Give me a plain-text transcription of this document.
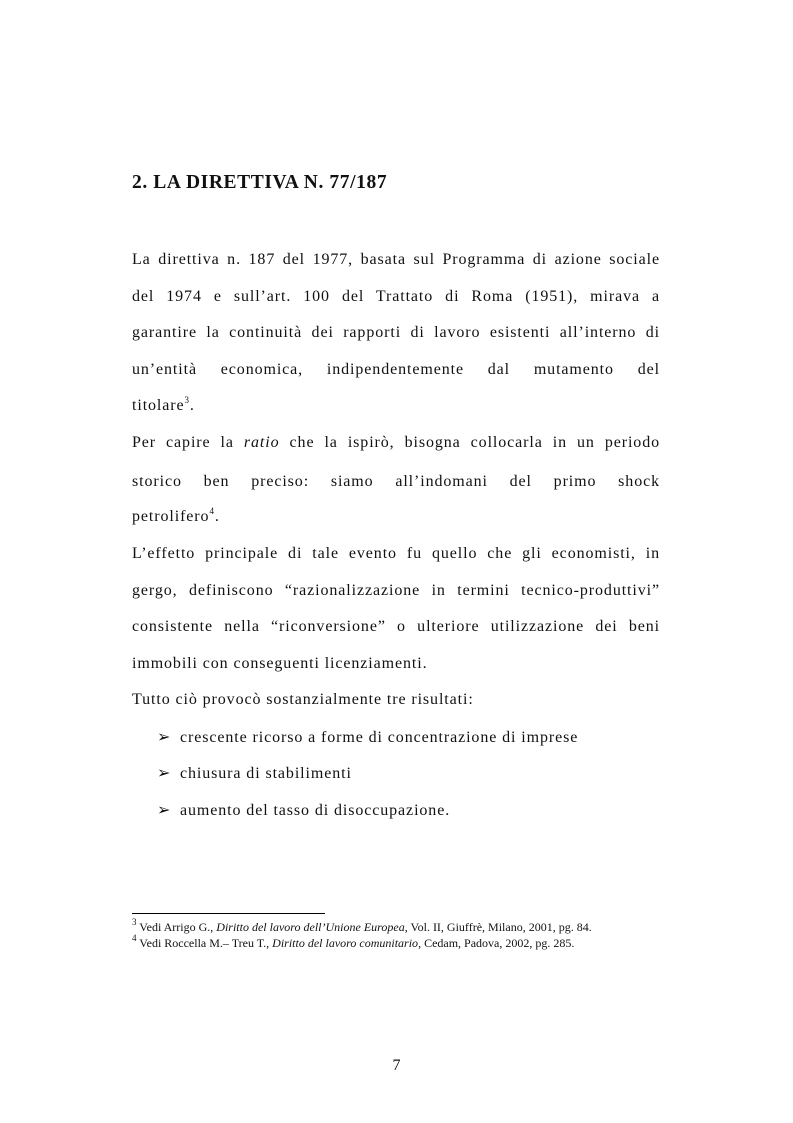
2. LA DIRETTIVA N. 77/187
La direttiva n. 187 del 1977, basata sul Programma di azione sociale
del 1974 e sull’art. 100 del Trattato di Roma (1951), mirava a
garantire la continuità dei rapporti di lavoro esistenti all’interno di
un’entità economica, indipendentemente dal mutamento del
titolare$^3$.
Per capire la ratio che la ispirò, bisogna collocarla in un periodo
storico ben preciso: siamo all’indomani del primo shock
petrolifero$^4$.
L’effetto principale di tale evento fu quello che gli economisti, in
gergo, definiscono “razionalizzazione in termini tecnico-produttivi”
consistente nella “riconversione” o ulteriore utilizzazione dei beni
immobili con conseguenti licenziamenti.
Tutto ciò provocò sostanzialmente tre risultati:
➢ crescente ricorso a forme di concentrazione di imprese
➢ chiusura di stabilimenti
➢ aumento del tasso di disoccupazione.
$^3$ Vedi Arrigo G., Diritto del lavoro dell’Unione Europea, Vol. II, Giuffrè, Milano, 2001, pg. 84.
$^4$ Vedi Roccella M.– Treu T., Diritto del lavoro comunitario, Cedam, Padova, 2002, pg. 285.
7
